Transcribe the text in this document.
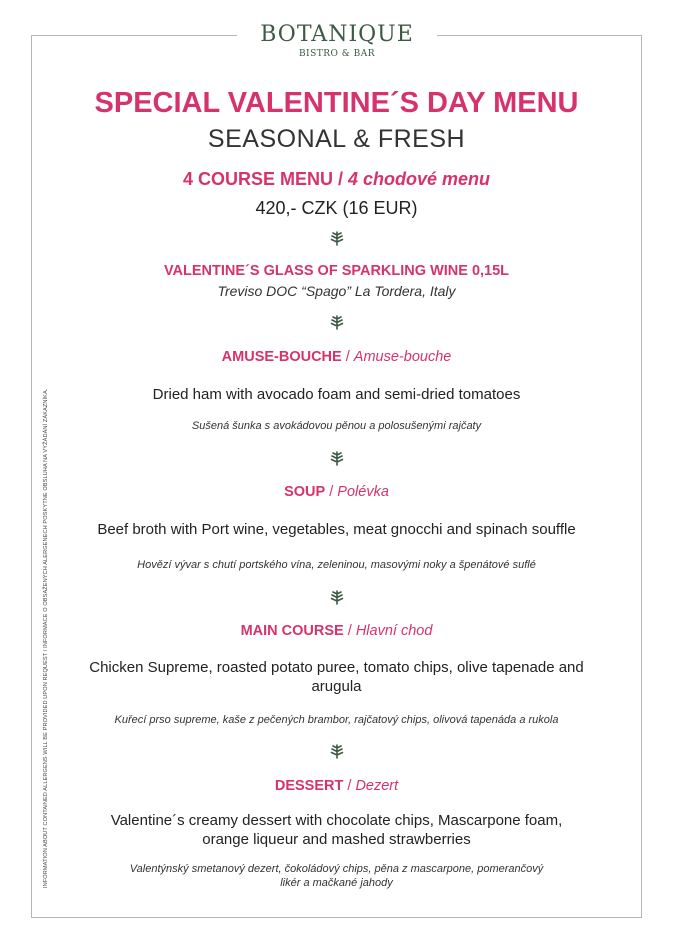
BOTANIQUE
BISTRO & BAR
INFORMATION ABOUT CONTAINED ALLERGENS WILL BE PROVIDED UPON REQUEST / INFORMACE O OBSAŽENÝCH ALERGENECH POSKYTNE OBSLUHA NA VYŽÁDÁNÍ ZÁKAZNÍKA.
SPECIAL VALENTINE´S DAY MENU
SEASONAL & FRESH
4 COURSE MENU / 4 chodové menu
420,- CZK (16 EUR)
VALENTINE´S GLASS OF SPARKLING WINE 0,15L
Treviso DOC “Spago” La Tordera, Italy
AMUSE-BOUCHE / Amuse-bouche
Dried ham with avocado foam and semi-dried tomatoes
Sušená šunka s avokádovou pěnou a polosušenými rajčaty
SOUP / Polévka
Beef broth with Port wine, vegetables, meat gnocchi and spinach souffle
Hovězí vývar s chutí portského vína, zeleninou, masovými noky a špenátové suflé
MAIN COURSE / Hlavní chod
Chicken Supreme, roasted potato puree, tomato chips, olive tapenade and arugula
Kuřecí prso supreme, kaše z pečených brambor, rajčatový chips, olivová tapenáda a rukola
DESSERT / Dezert
Valentine´s creamy dessert with chocolate chips, Mascarpone foam, orange liqueur and mashed strawberries
Valentýnský smetanový dezert, čokoládový chips, pěna z mascarpone, pomerančový likér a mačkané jahody
